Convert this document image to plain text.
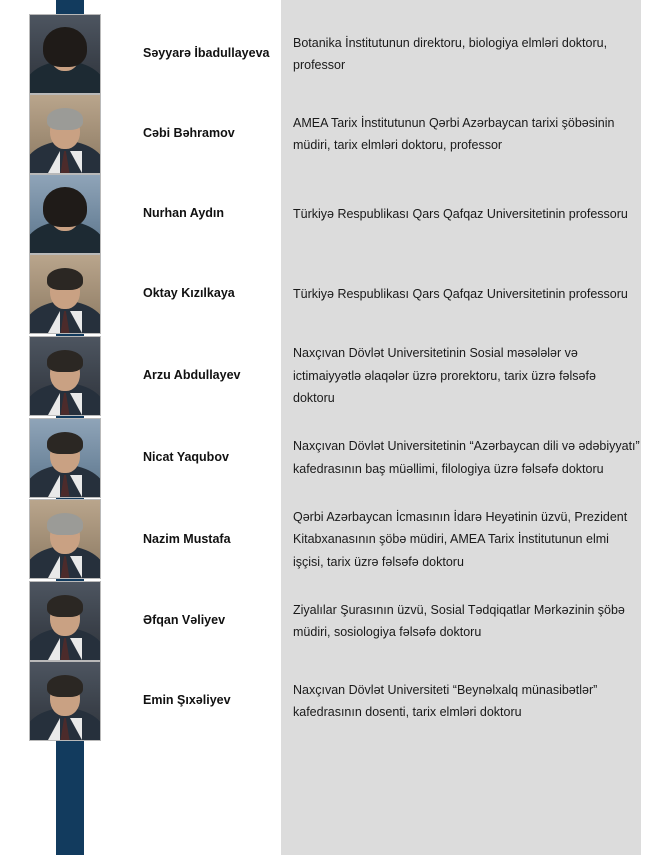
Səyyarə İbadullayeva
Botanika İnstitutunun direktoru, biologiya elmləri doktoru, professor
Cəbi Bəhramov
AMEA Tarix İnstitutunun Qərbi Azərbaycan tarixi şöbəsinin müdiri, tarix elmləri doktoru, professor
Nurhan Aydın	Türkiyə Respublikası Qars Qafqaz Universitetinin professoru
Oktay Kızılkaya	Türkiyə Respublikası Qars Qafqaz Universitetinin professoru
Arzu Abdullayev
Naxçıvan Dövlət Universitetinin Sosial məsələlər və ictimaiyyətlə əlaqələr üzrə prorektoru, tarix üzrə fəlsəfə doktoru
Nicat Yaqubov
Naxçıvan Dövlət Universitetinin “Azərbaycan dili və ədəbiyyatı” kafedrasının baş müəllimi, filologiya üzrə fəlsəfə doktoru
Nazim Mustafa
Qərbi Azərbaycan İcmasının İdarə Heyətinin üzvü, Prezident Kitabxanasının şöbə müdiri, AMEA Tarix İnstitutunun elmi işçisi, tarix üzrə fəlsəfə doktoru
Əfqan Vəliyev
Ziyalılar Şurasının üzvü, Sosial Tədqiqatlar Mərkəzinin şöbə müdiri, sosiologiya fəlsəfə doktoru
Emin Şıxəliyev
Naxçıvan Dövlət Universiteti “Beynəlxalq münasibətlər” kafedrasının dosenti, tarix elmləri doktoru
